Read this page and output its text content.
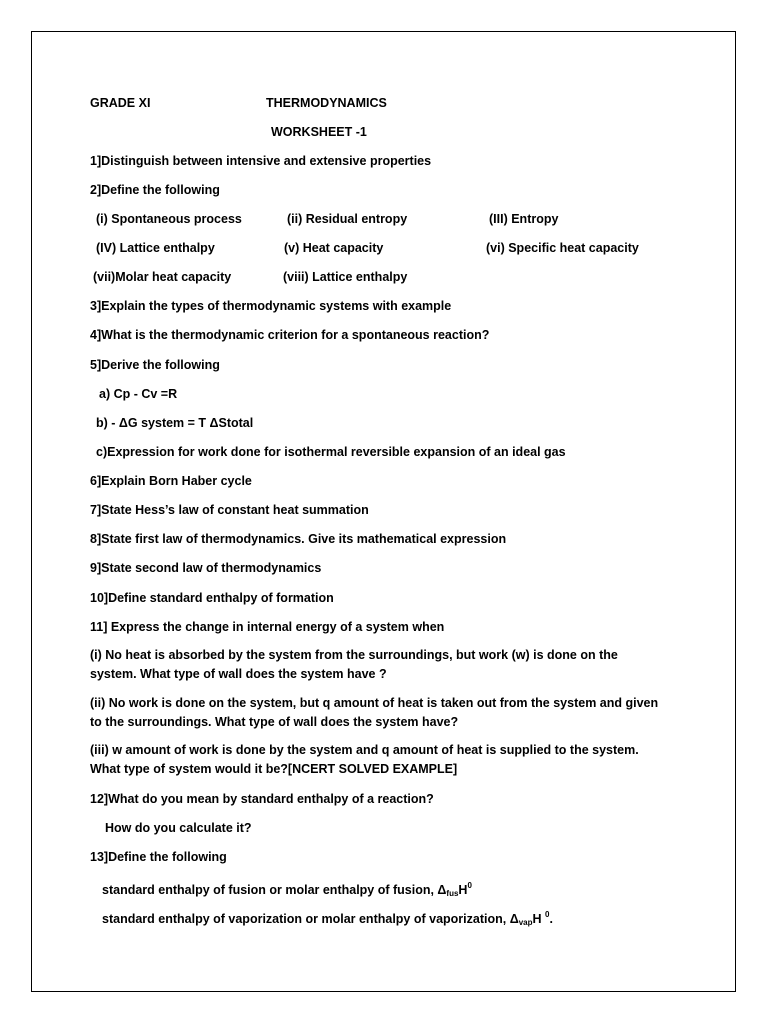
GRADE XI	THERMODYNAMICS
WORKSHEET -1
1]Distinguish between intensive and extensive properties
2]Define the following
(i) Spontaneous process	(ii) Residual entropy	(III) Entropy
(IV) Lattice enthalpy	(v) Heat capacity	(vi) Specific heat capacity
(vii)Molar heat capacity	(viii) Lattice enthalpy
3]Explain the types of thermodynamic systems with example
4]What is the thermodynamic criterion for a spontaneous reaction?
5]Derive the following
a) Cp - Cv =R
b) - ΔG system = T ΔStotal
c)Expression for work done for isothermal reversible expansion of an ideal gas
6]Explain Born Haber cycle
7]State Hess’s law of constant heat summation
8]State first law of thermodynamics. Give its mathematical expression
9]State second law of thermodynamics
10]Define standard enthalpy of formation
11] Express the change in internal energy of a system when
(i) No heat is absorbed by the system from the surroundings, but work (w) is done on the system. What type of wall does the system have ?
(ii) No work is done on the system, but q amount of heat is taken out from the system and given to the surroundings. What type of wall does the system have?
(iii) w amount of work is done by the system and q amount of heat is supplied to the system. What type of system would it be?[NCERT SOLVED EXAMPLE]
12]What do you mean by standard enthalpy of a reaction?
How do you calculate it?
13]Define the following
standard enthalpy of fusion or molar enthalpy of fusion, $\Delta_{fus}H^0$
standard enthalpy of vaporization or molar enthalpy of vaporization, $\Delta_{vap}H$ $^0$.
